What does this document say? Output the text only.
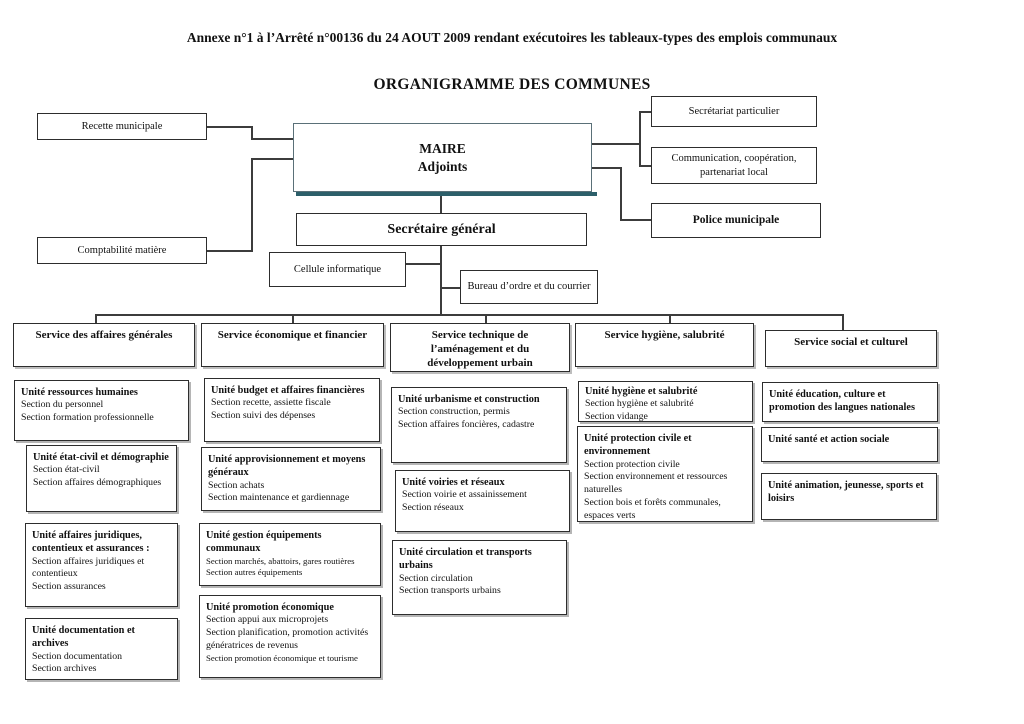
Annexe n°1 à l’Arrêté n°00136 du 24 AOUT 2009 rendant exécutoires les tableaux-types des emplois communaux
ORGANIGRAMME DES COMMUNES
Recette municipale
Comptabilité matière
MAIRE
Adjoints
Secrétariat particulier
Communication, coopération, partenariat local
Police municipale
Secrétaire général
Cellule informatique
Bureau d’ordre et du courrier
Service des affaires générales	Service économique et financier	Service technique de l’aménagement et du développement urbain
Service hygiène, salubrité
Service social et culturel
Unité ressources humaines
Section du personnel
Section formation professionnelle
Unité état-civil et démographie
Section état-civil
Section affaires démographiques
Unité affaires juridiques, contentieux et assurances :
Section affaires juridiques et contentieux
Section assurances
Unité documentation et archives
Section documentation
Section archives
Unité budget et affaires financières
Section recette, assiette fiscale
Section suivi des dépenses
Unité approvisionnement et moyens généraux
Section achats
Section maintenance et gardiennage
Unité gestion équipements communaux
Section marchés, abattoirs, gares routières
Section autres équipements
Unité promotion économique
Section appui aux microprojets
Section planification, promotion activités génératrices de revenus
Section promotion économique et tourisme
Unité urbanisme et construction
Section construction, permis
Section affaires foncières, cadastre
Unité voiries et réseaux
Section voirie et assainissement
Section réseaux
Unité circulation et transports urbains
Section circulation
Section transports urbains
Unité hygiène et salubrité
Section hygiène et salubrité
Section vidange
Unité protection civile et environnement
Section protection civile
Section environnement et ressources naturelles
Section bois et forêts communales, espaces verts
Unité éducation, culture et promotion des langues nationales
Unité santé et action sociale
Unité animation, jeunesse, sports et loisirs
